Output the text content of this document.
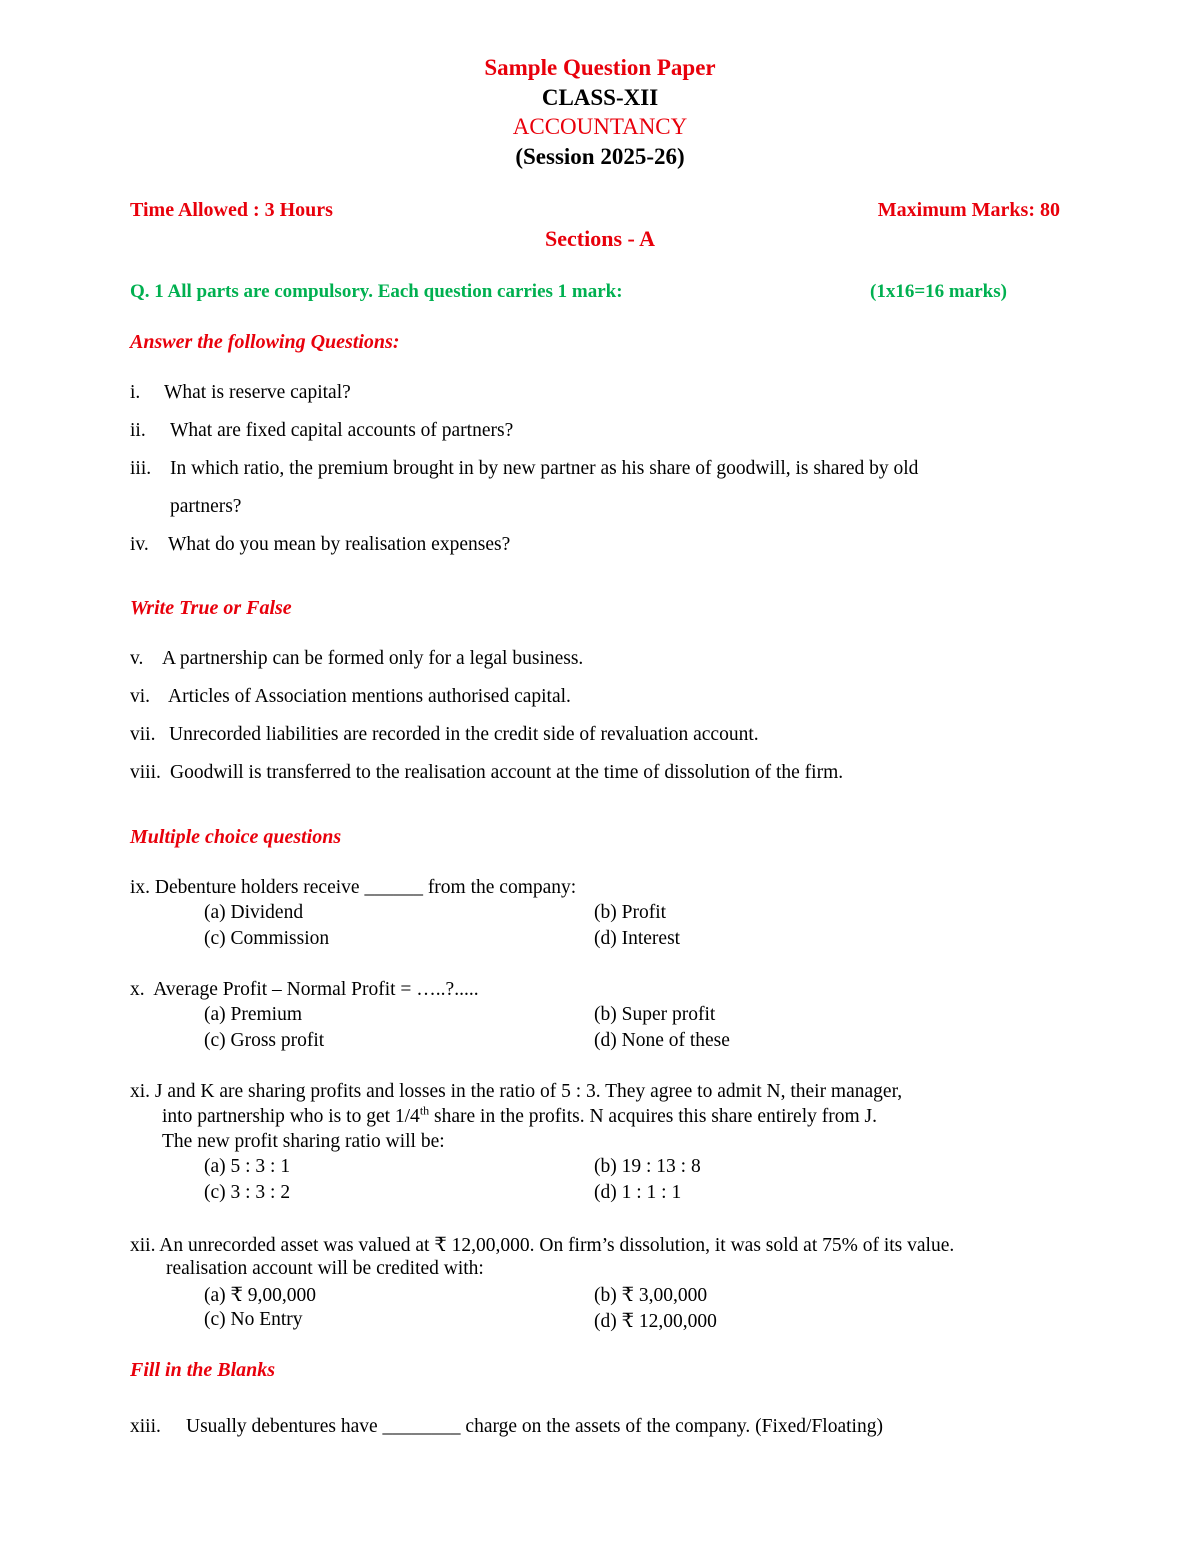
Sample Question Paper
CLASS-XII
ACCOUNTANCY
(Session 2025-26)
Time Allowed : 3 Hours	Maximum Marks: 80
Sections - A
Q. 1 All parts are compulsory. Each question carries 1 mark:	(1x16=16 marks)
Answer the following Questions:
i. What is reserve capital?
ii. What are fixed capital accounts of partners?
iii. In which ratio, the premium brought in by new partner as his share of goodwill, is shared by old
partners?
iv. What do you mean by realisation expenses?
Write True or False
v. A partnership can be formed only for a legal business.
vi. Articles of Association mentions authorised capital.
vii. Unrecorded liabilities are recorded in the credit side of revaluation account.
viii. Goodwill is transferred to the realisation account at the time of dissolution of the firm.
Multiple choice questions
ix. Debenture holders receive ______ from the company:
(a) Dividend	(b) Profit
(c) Commission	(d) Interest
x.  Average Profit – Normal Profit = …..?.....
(a) Premium	(b) Super profit
(c) Gross profit	(d) None of these
xi. J and K are sharing profits and losses in the ratio of 5 : 3. They agree to admit N, their manager,
into partnership who is to get 1/4th share in the profits. N acquires this share entirely from J.
The new profit sharing ratio will be:
(a) 5 : 3 : 1	(b) 19 : 13 : 8
(c) 3 : 3 : 2	(d) 1 : 1 : 1
xii. An unrecorded asset was valued at ₹ 12,00,000. On firm’s dissolution, it was sold at 75% of its value.
realisation account will be credited with:
(a) ₹ 9,00,000	(b) ₹ 3,00,000
(c) No Entry	(d) ₹ 12,00,000
Fill in the Blanks
xiii. Usually debentures have ________ charge on the assets of the company. (Fixed/Floating)
